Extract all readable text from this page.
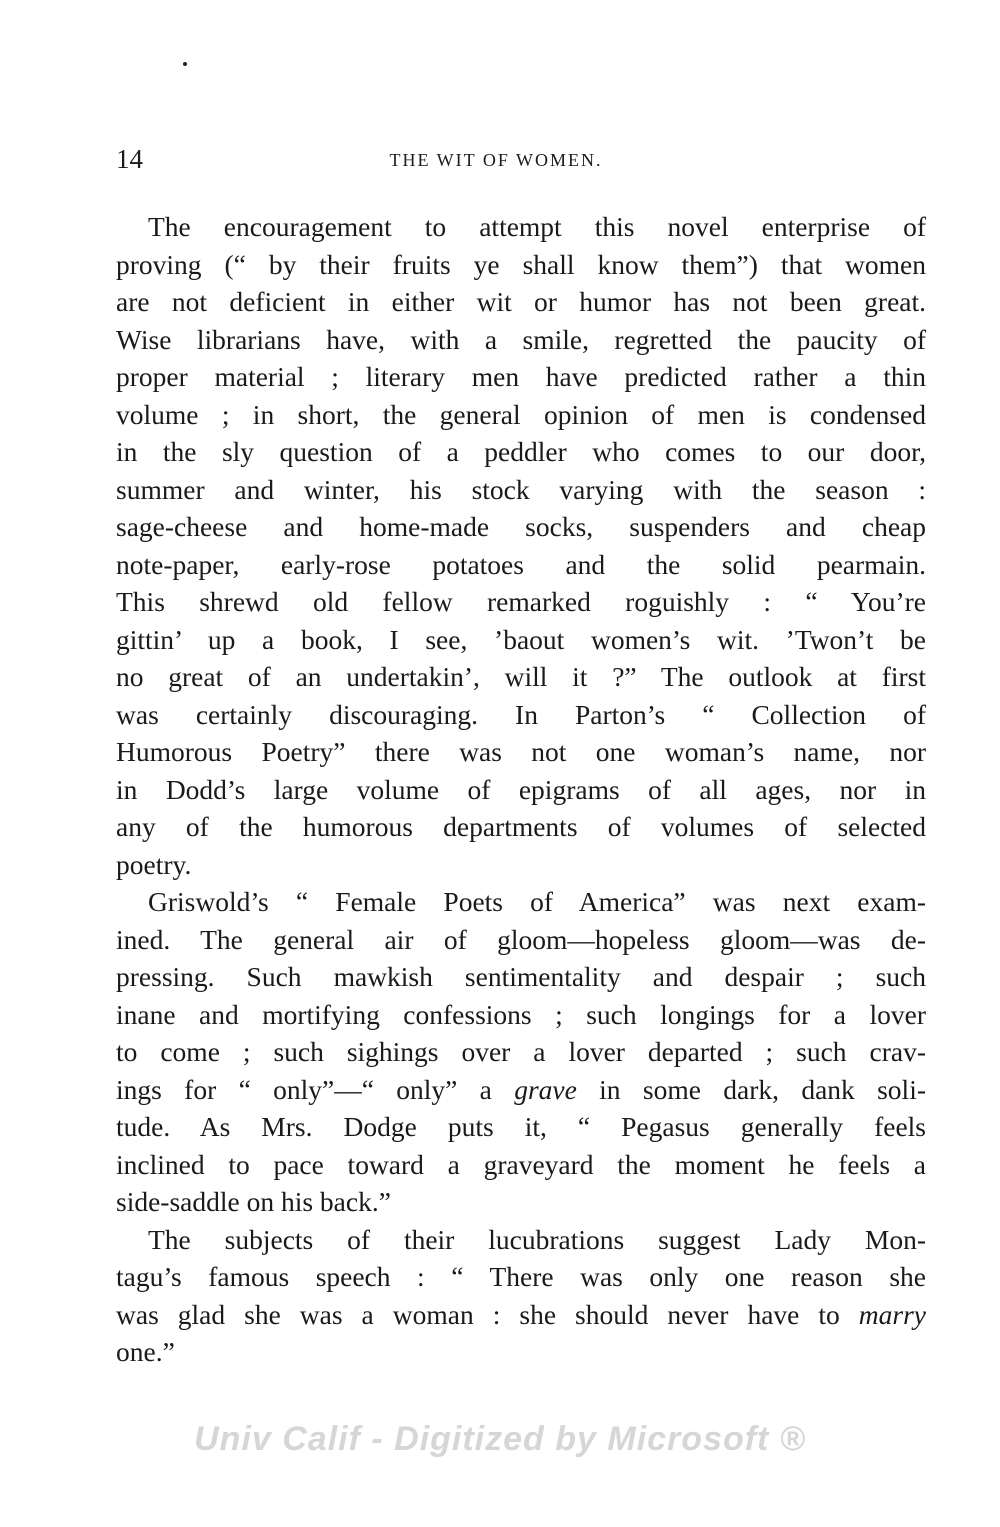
14	THE WIT OF WOMEN.
The encouragement to attempt this novel enterprise of
proving (“ by their fruits ye shall know them”) that women
are not deficient in either wit or humor has not been great.
Wise librarians have, with a smile, regretted the paucity of
proper material ; literary men have predicted rather a thin
volume ; in short, the general opinion of men is condensed
in the sly question of a peddler who comes to our door,
summer and winter, his stock varying with the season :
sage-cheese and home-made socks, suspenders and cheap
note-paper, early-rose potatoes and the solid pearmain.
This shrewd old fellow remarked roguishly : “ You’re
gittin’ up a book, I see, ’baout women’s wit. ’Twon’t be
no great of an undertakin’, will it ?” The outlook at first
was certainly discouraging. In Parton’s “ Collection of
Humorous Poetry” there was not one woman’s name, nor
in Dodd’s large volume of epigrams of all ages, nor in
any of the humorous departments of volumes of selected
poetry.
Griswold’s “ Female Poets of America” was next exam-
ined. The general air of gloom—hopeless gloom—was de-
pressing. Such mawkish sentimentality and despair ; such
inane and mortifying confessions ; such longings for a lover
to come ; such sighings over a lover departed ; such crav-
ings for “ only”—“ only” a grave in some dark, dank soli-
tude. As Mrs. Dodge puts it, “ Pegasus generally feels
inclined to pace toward a graveyard the moment he feels a
side-saddle on his back.”
The subjects of their lucubrations suggest Lady Mon-
tagu’s famous speech : “ There was only one reason she
was glad she was a woman : she should never have to marry
one.”
Univ Calif - Digitized by Microsoft ®
